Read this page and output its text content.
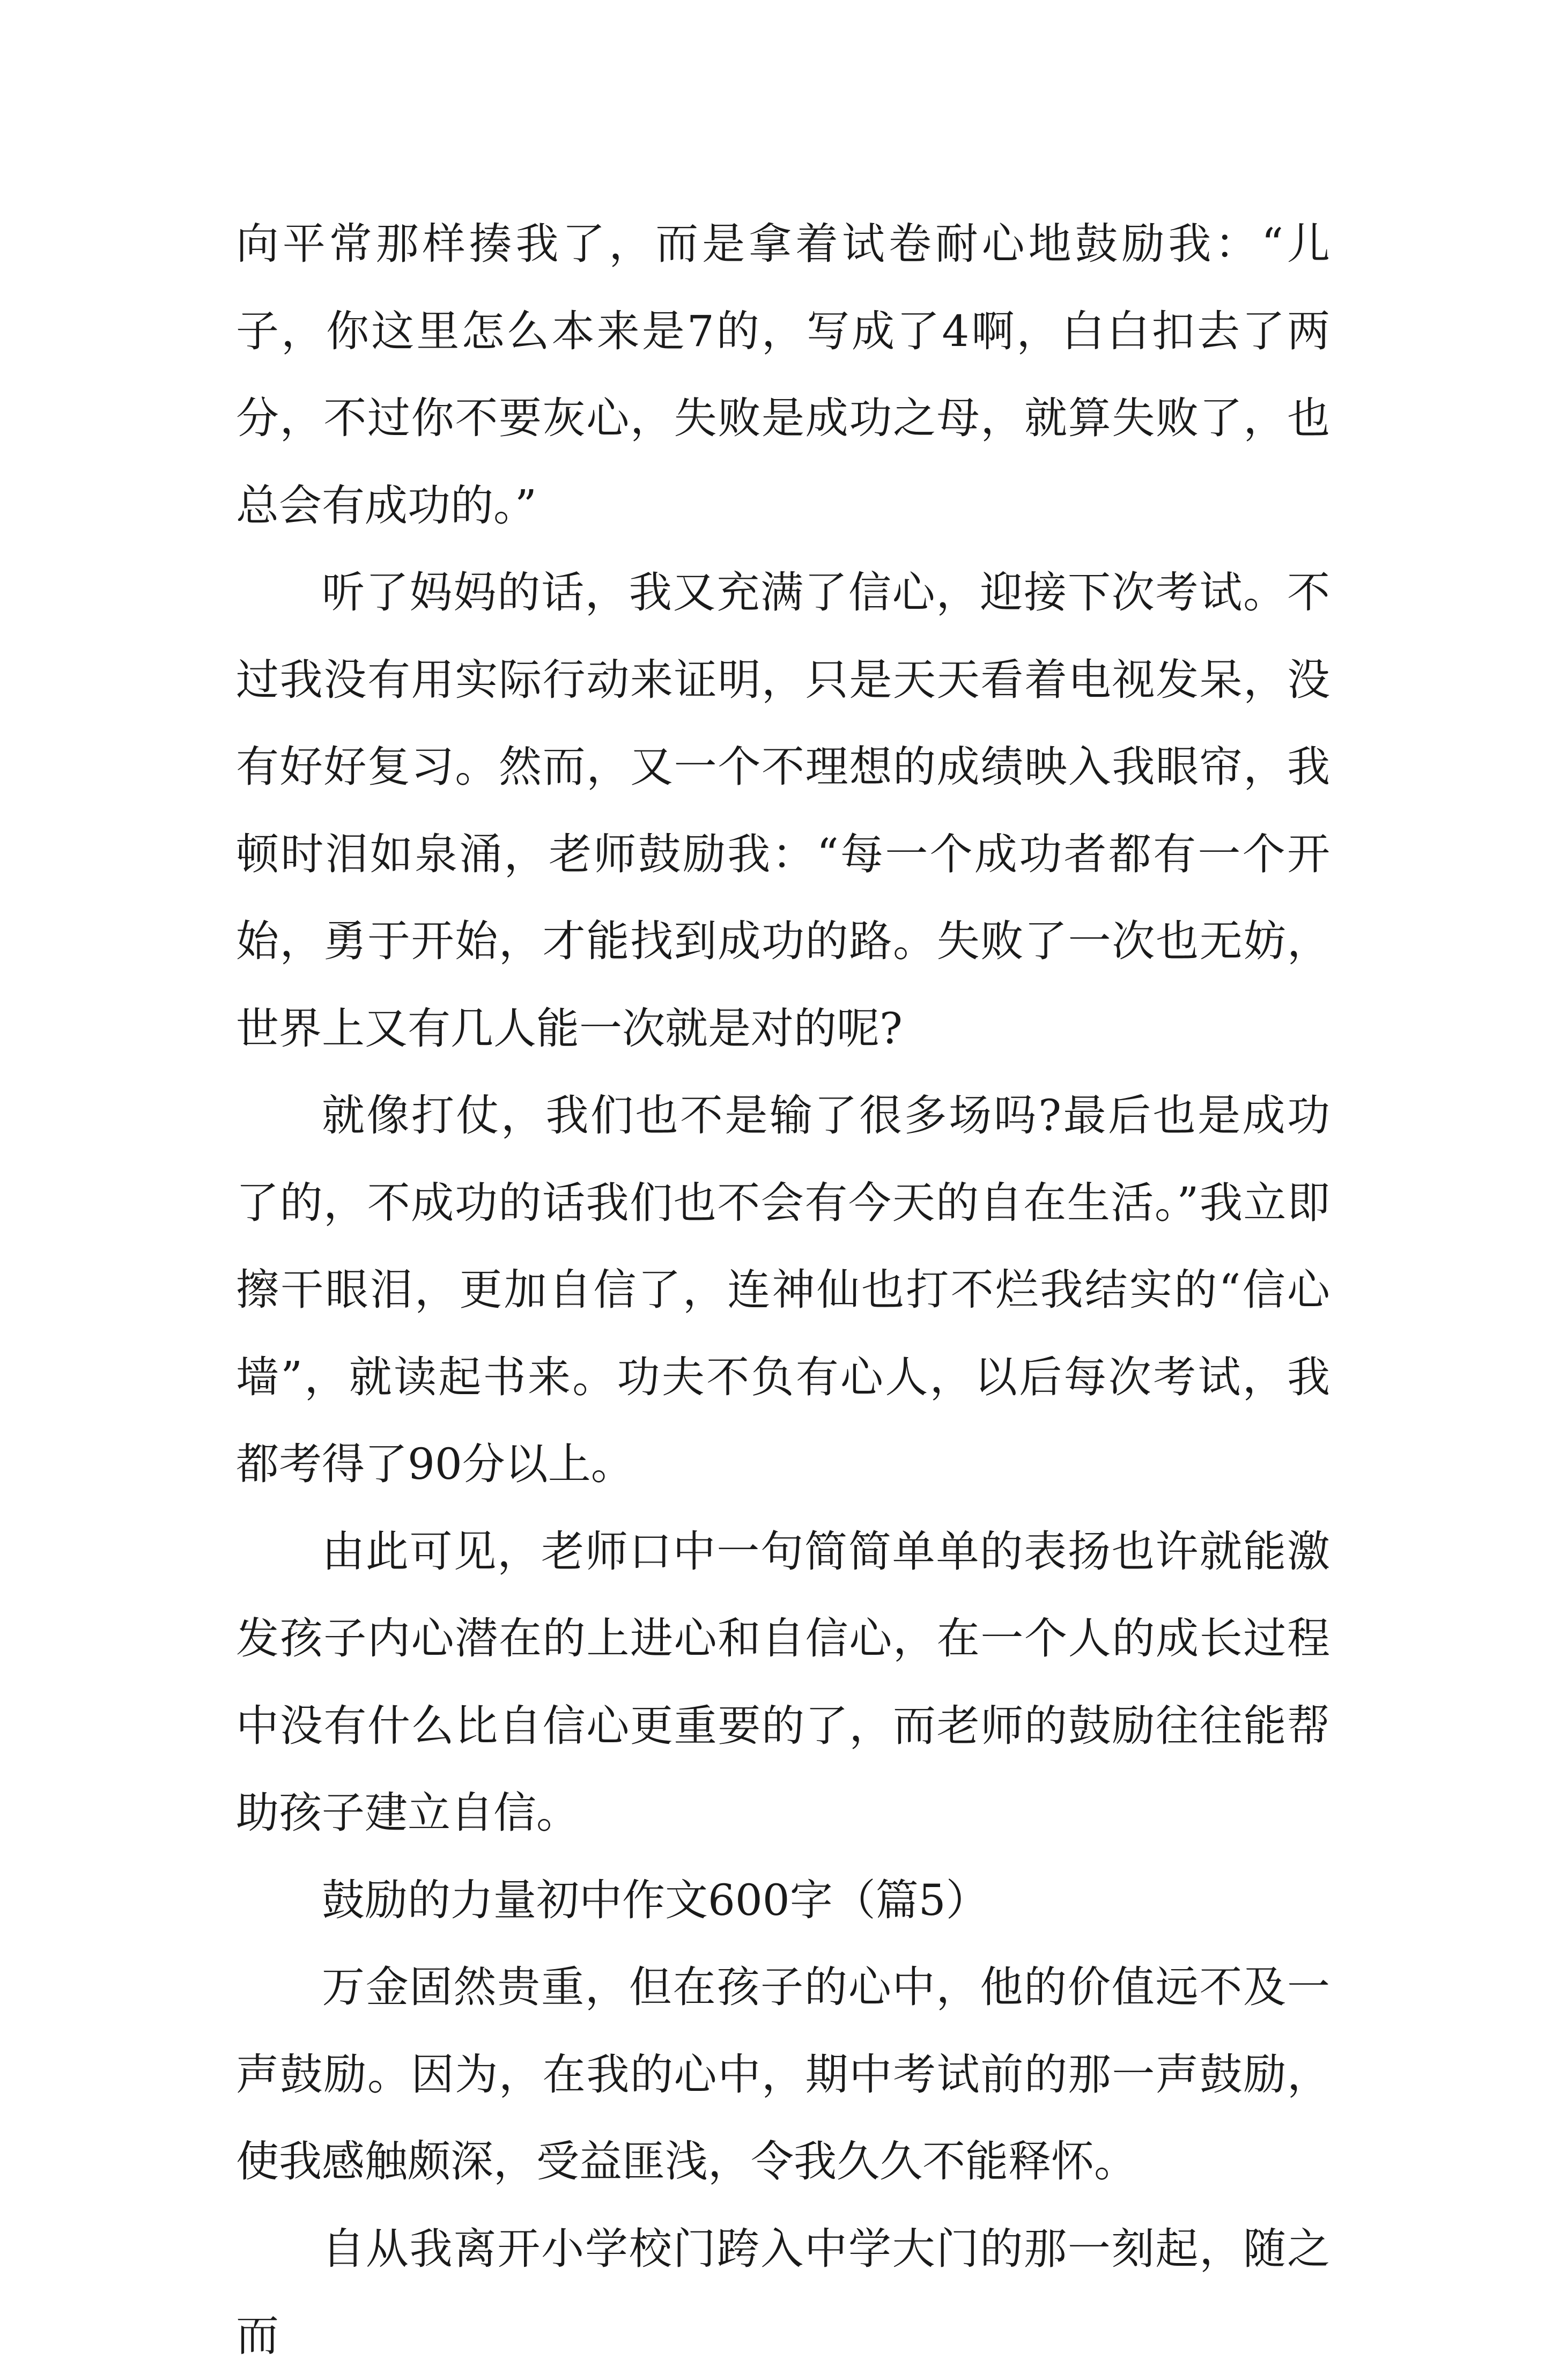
向平常那样揍我了，而是拿着试卷耐心地鼓励我：“儿子，你这里怎么本来是7的，写成了4啊，白白扣去了两分，不过你不要灰心，失败是成功之母，就算失败了，也总会有成功的。”

听了妈妈的话，我又充满了信心，迎接下次考试。不过我没有用实际行动来证明，只是天天看着电视发呆，没有好好复习。然而，又一个不理想的成绩映入我眼帘，我顿时泪如泉涌，老师鼓励我：“每一个成功者都有一个开始，勇于开始，才能找到成功的路。失败了一次也无妨，世界上又有几人能一次就是对的呢?

就像打仗，我们也不是输了很多场吗?最后也是成功了的，不成功的话我们也不会有今天的自在生活。”我立即擦干眼泪，更加自信了，连神仙也打不烂我结实的“信心墙”，就读起书来。功夫不负有心人，以后每次考试，我都考得了90分以上。

由此可见，老师口中一句简简单单的表扬也许就能激发孩子内心潜在的上进心和自信心，在一个人的成长过程中没有什么比自信心更重要的了，而老师的鼓励往往能帮助孩子建立自信。

鼓励的力量初中作文600字（篇5）

万金固然贵重，但在孩子的心中，他的价值远不及一声鼓励。因为，在我的心中，期中考试前的那一声鼓励，使我感触颇深，受益匪浅，令我久久不能释怀。

自从我离开小学校门跨入中学大门的那一刻起，随之而
